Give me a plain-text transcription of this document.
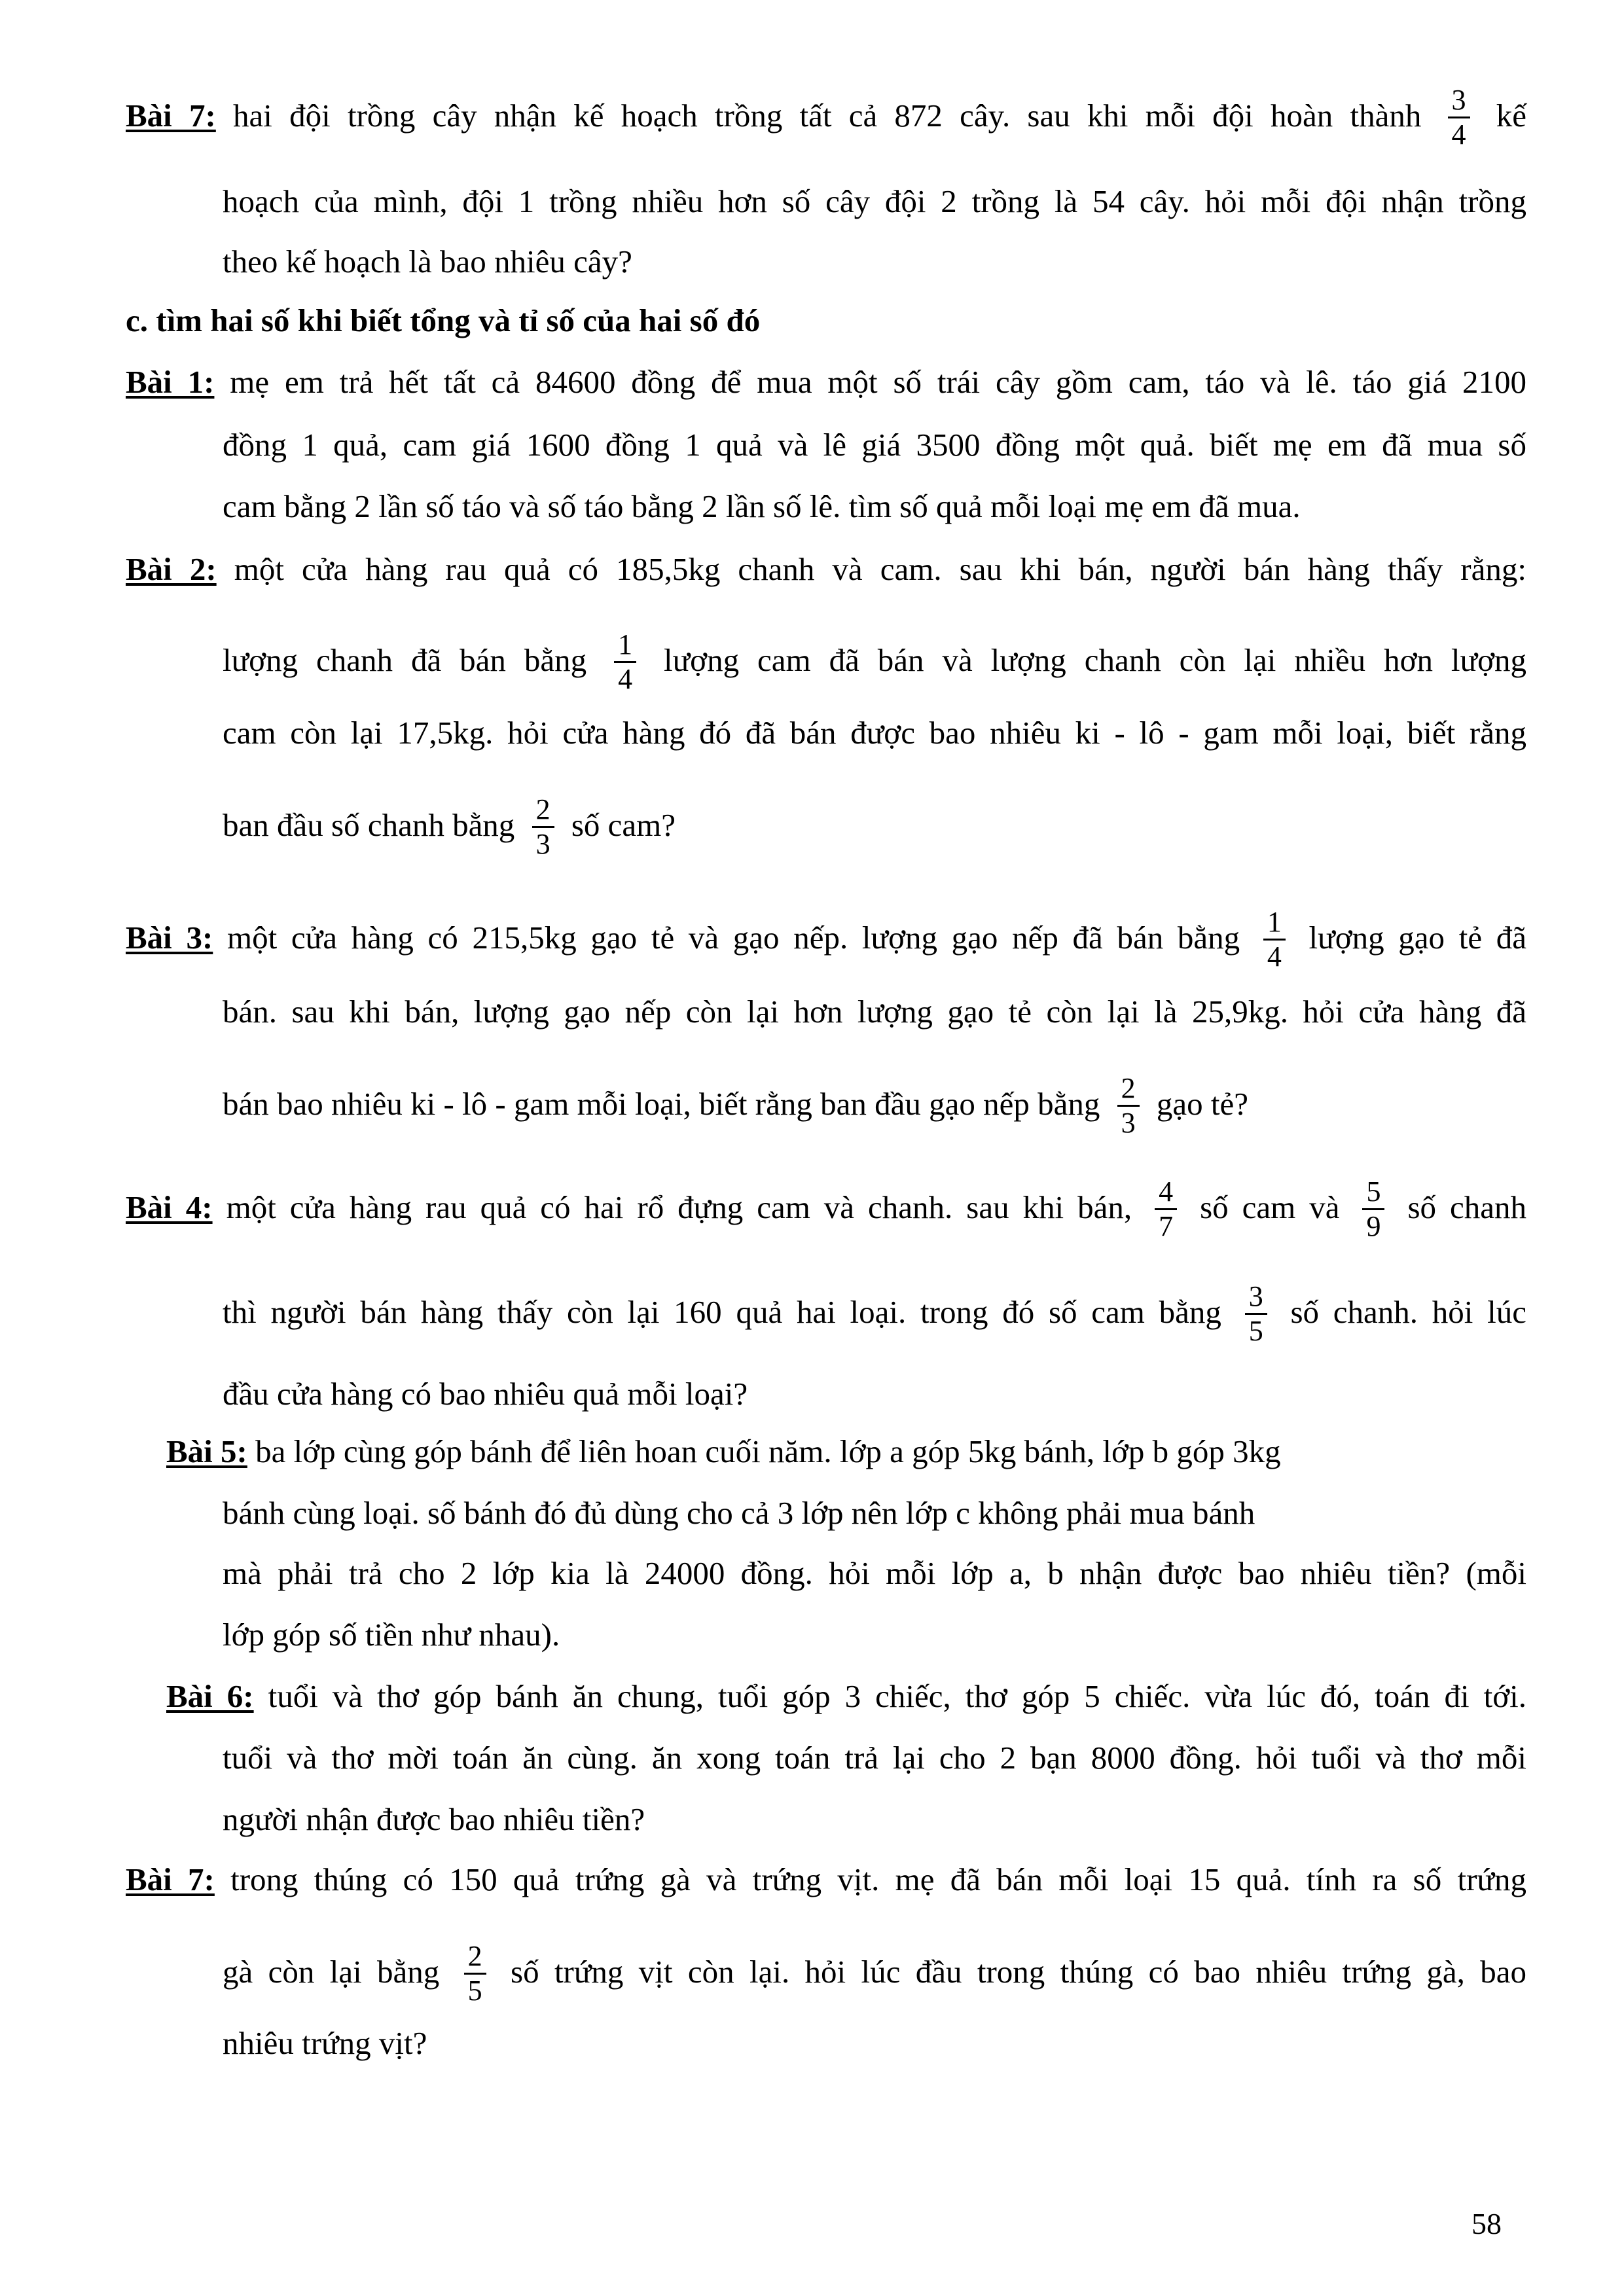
Bài 7: hai đội trồng cây nhận kế hoạch trồng tất cả 872 cây. sau khi mỗi đội hoàn thành $\frac{3}{4}$ kế
hoạch của mình, đội 1 trồng nhiều hơn số cây đội 2 trồng là 54 cây. hỏi mỗi đội nhận trồng
theo kế hoạch là bao nhiêu cây?
c. tìm hai số khi biết tổng và tỉ số của hai số đó
Bài 1: mẹ em trả hết tất cả 84600 đồng để mua một số trái cây gồm cam, táo và lê. táo giá 2100
đồng 1 quả, cam giá 1600 đồng 1 quả và lê giá 3500 đồng một quả. biết mẹ em đã mua số
cam bằng 2 lần số táo và số táo bằng 2 lần số lê. tìm số quả mỗi loại mẹ em đã mua.
Bài 2: một cửa hàng rau quả có 185,5kg chanh và cam. sau khi bán, người bán hàng thấy rằng:
lượng chanh đã bán bằng $\frac{1}{4}$ lượng cam đã bán và lượng chanh còn lại nhiều hơn lượng
cam còn lại 17,5kg. hỏi cửa hàng đó đã bán được bao nhiêu ki - lô - gam mỗi loại, biết rằng
ban đầu số chanh bằng $\frac{2}{3}$ số cam?
Bài 3: một cửa hàng có 215,5kg gạo tẻ và gạo nếp. lượng gạo nếp đã bán bằng $\frac{1}{4}$ lượng gạo tẻ đã
bán. sau khi bán, lượng gạo nếp còn lại hơn lượng gạo tẻ còn lại là 25,9kg. hỏi cửa hàng đã
bán bao nhiêu ki - lô - gam mỗi loại, biết rằng ban đầu gạo nếp bằng $\frac{2}{3}$ gạo tẻ?
Bài 4: một cửa hàng rau quả có hai rổ đựng cam và chanh. sau khi bán, $\frac{4}{7}$ số cam và $\frac{5}{9}$ số chanh
thì người bán hàng thấy còn lại 160 quả hai loại. trong đó số cam bằng $\frac{3}{5}$ số chanh. hỏi lúc
đầu cửa hàng có bao nhiêu quả mỗi loại?
Bài 5: ba lớp cùng góp bánh để liên hoan cuối năm. lớp a góp 5kg bánh, lớp b góp 3kg
bánh cùng loại. số bánh đó đủ dùng cho cả 3 lớp nên lớp c không phải mua bánh
mà phải trả cho 2 lớp kia là 24000 đồng. hỏi mỗi lớp a, b nhận được bao nhiêu tiền? (mỗi
lớp góp số tiền như nhau).
Bài 6: tuổi và thơ góp bánh ăn chung, tuổi góp 3 chiếc, thơ góp 5 chiếc. vừa lúc đó, toán đi tới.
tuổi và thơ mời toán ăn cùng. ăn xong toán trả lại cho 2 bạn 8000 đồng. hỏi tuổi và thơ mỗi
người nhận được bao nhiêu tiền?
Bài 7: trong thúng có 150 quả trứng gà và trứng vịt. mẹ đã bán mỗi loại 15 quả. tính ra số trứng
gà còn lại bằng $\frac{2}{5}$ số trứng vịt còn lại. hỏi lúc đầu trong thúng có bao nhiêu trứng gà, bao
nhiêu trứng vịt?
58
